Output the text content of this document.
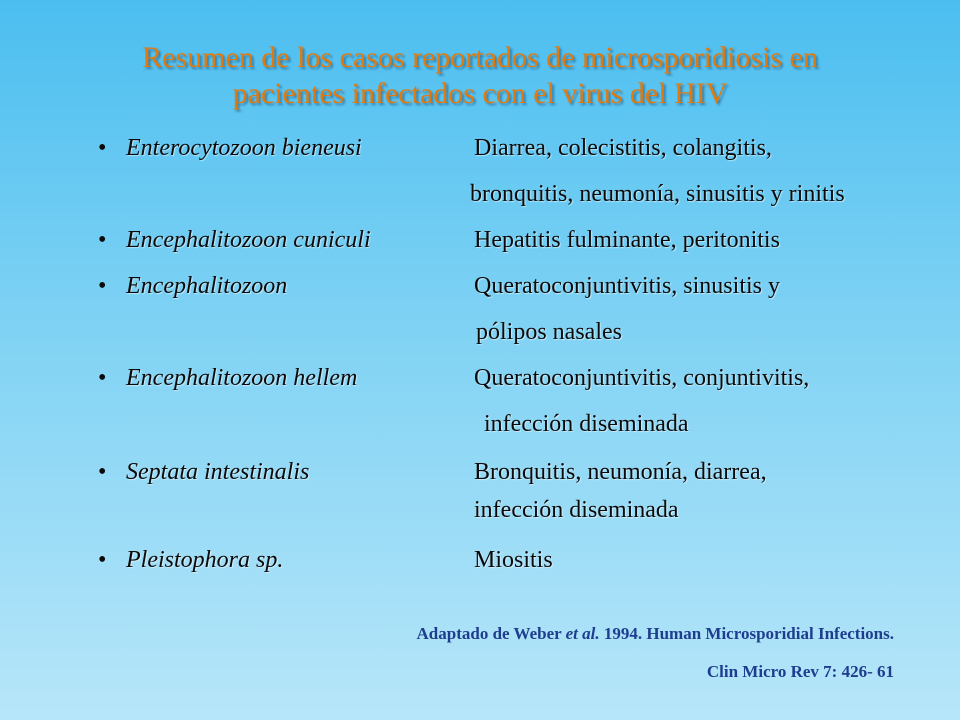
Resumen de los casos reportados de microsporidiosis en
pacientes infectados con el virus del HIV
• Enterocytozoon bieneusi	Diarrea, colecistitis, colangitis,
bronquitis, neumonía, sinusitis y rinitis
• Encephalitozoon cuniculi	Hepatitis fulminante, peritonitis
• Encephalitozoon	Queratoconjuntivitis, sinusitis y
pólipos nasales
• Encephalitozoon hellem	Queratoconjuntivitis, conjuntivitis,
infección diseminada
• Septata intestinalis	Bronquitis, neumonía, diarrea,
infección diseminada
• Pleistophora sp.	Miositis
Adaptado de Weber et al. 1994. Human Microsporidial Infections.
Clin Micro Rev 7: 426- 61
